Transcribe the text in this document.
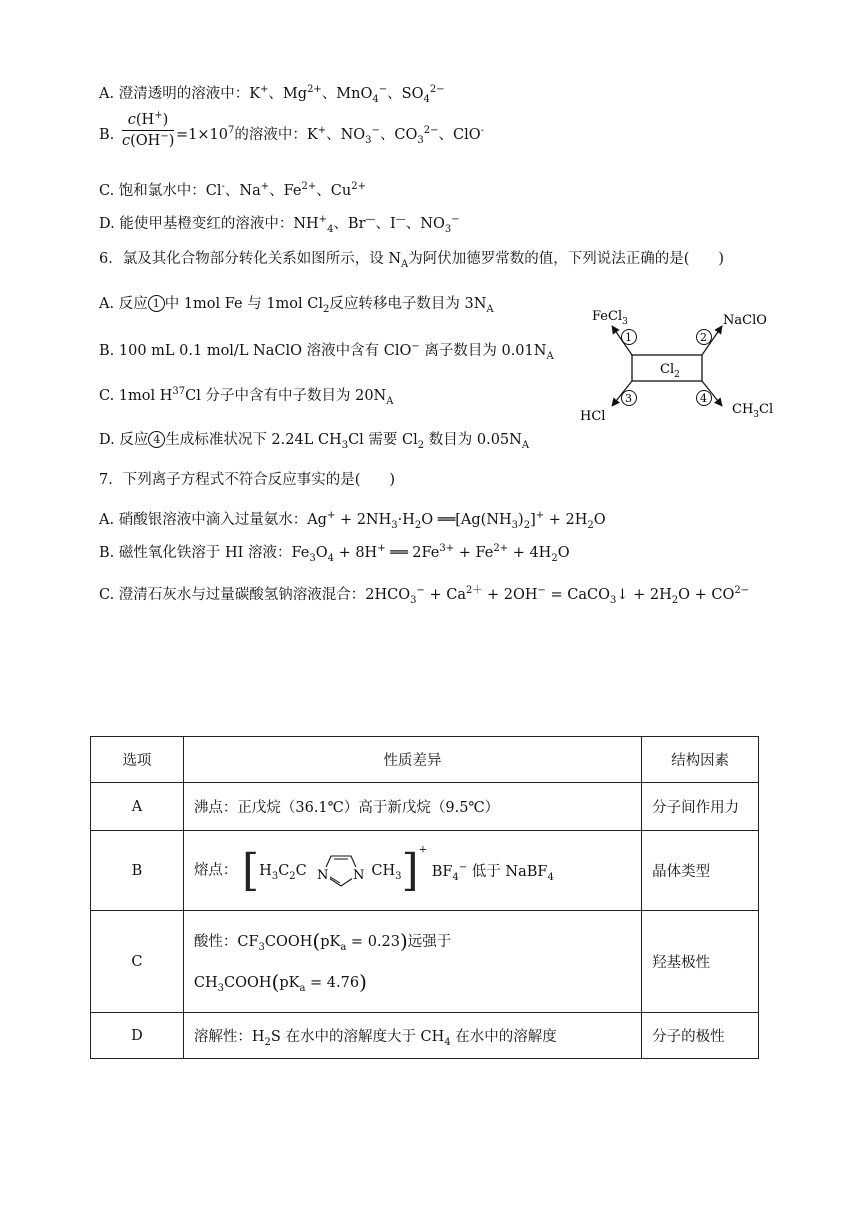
A. 澄清透明的溶液中：K+、$Mg^{2+}$、MnO$_4$−、$SO_4^{2-}$
B. $\frac{c(H^+)}{c(OH^-)} =1\times 10^7$的溶液中：K+、$NO_3^-$、$CO_3^{2-}$、ClO-
C. 饱和氯水中：Cl-、Na+、$Fe^{2+}$、$Cu^{2+}$
D. 能使甲基橙变红的溶液中：$NH^+_4$、Br—、I—、$NO_3^-$
6．氯及其化合物部分转化关系如图所示，设 $N_A$为阿伏加德罗常数的值，下列说法正确的是(　　)
A. 反应 1 中 1mol Fe 与 1mol $Cl_2$反应转移电子数目为 $3N_A$
B. 100 mL 0.1 mol/L NaClO 溶液中含有 ClO− 离子数目为 $0.01N_A$
C. 1mol $H^{37}Cl$ 分子中含有中子数目为 $20N_A$
D. 反应 4 生成标准状况下 2.24L $CH_3Cl$ 需要 $Cl_2$ 数目为 $0.05N_A$
$Cl_2$
FeCl$_3$	NaClO
HCl	$CH_3Cl$
1	2
3	4
7．下列离子方程式不符合反应事实的是(　　)
A. 硝酸银溶液中滴入过量氨水：$Ag^+ + 2NH_3\cdot H_2O$ $══[Ag(NH_3)_2]^+ + 2H_2O$
B. 磁性氧化铁溶于 HI 溶液：$Fe_3O_4 + 8H^+$ ══ $2Fe^{3+} + Fe^{2+} + 4H_2O$
C. 澄清石灰水与过量碳酸氢钠溶液混合：$2HCO_3^- + Ca^{2+} + 2OH^-$ = CaCO$_3$↓ + $2H_2O + CO^{2-}$
选项	性质差异	结构因素
A	沸点：正戊烷（36.1℃）高于新戊烷（9.5℃）	分子间作用力
B	熔点： [$H_3C_2C$ N N $CH_3]^+$ $BF_4^-$ 低于 NaBF$_4$	晶体类型
C	酸性：$CF_3COOH(pK_a = 0.23)$远强于
$CH_3COOH(pK_a = 4.76)$	羟基极性
D	溶解性：$H_2S$ 在水中的溶解度大于 $CH_4$ 在水中的溶解度	分子的极性
